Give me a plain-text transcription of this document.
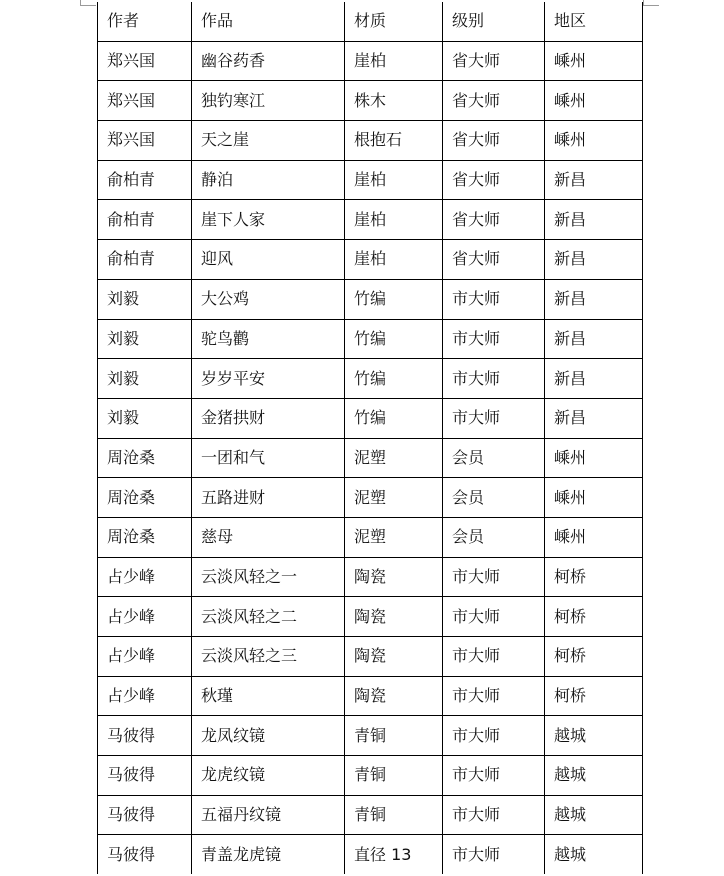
作者	作品	材质	级别	地区
郑兴国	幽谷药香	崖柏	省大师	嵊州
郑兴国	独钓寒江	株木	省大师	嵊州
郑兴国	天之崖	根抱石	省大师	嵊州
俞柏青	静泊	崖柏	省大师	新昌
俞柏青	崖下人家	崖柏	省大师	新昌
俞柏青	迎风	崖柏	省大师	新昌
刘毅	大公鸡	竹编	市大师	新昌
刘毅	驼鸟鹳	竹编	市大师	新昌
刘毅	岁岁平安	竹编	市大师	新昌
刘毅	金猪拱财	竹编	市大师	新昌
周沧桑	一团和气	泥塑	会员	嵊州
周沧桑	五路进财	泥塑	会员	嵊州
周沧桑	慈母	泥塑	会员	嵊州
占少峰	云淡风轻之一	陶瓷	市大师	柯桥
占少峰	云淡风轻之二	陶瓷	市大师	柯桥
占少峰	云淡风轻之三	陶瓷	市大师	柯桥
占少峰	秋瑾	陶瓷	市大师	柯桥
马彼得	龙凤纹镜	青铜	市大师	越城
马彼得	龙虎纹镜	青铜	市大师	越城
马彼得	五福丹纹镜	青铜	市大师	越城
马彼得	青盖龙虎镜	直径 13	市大师	越城
